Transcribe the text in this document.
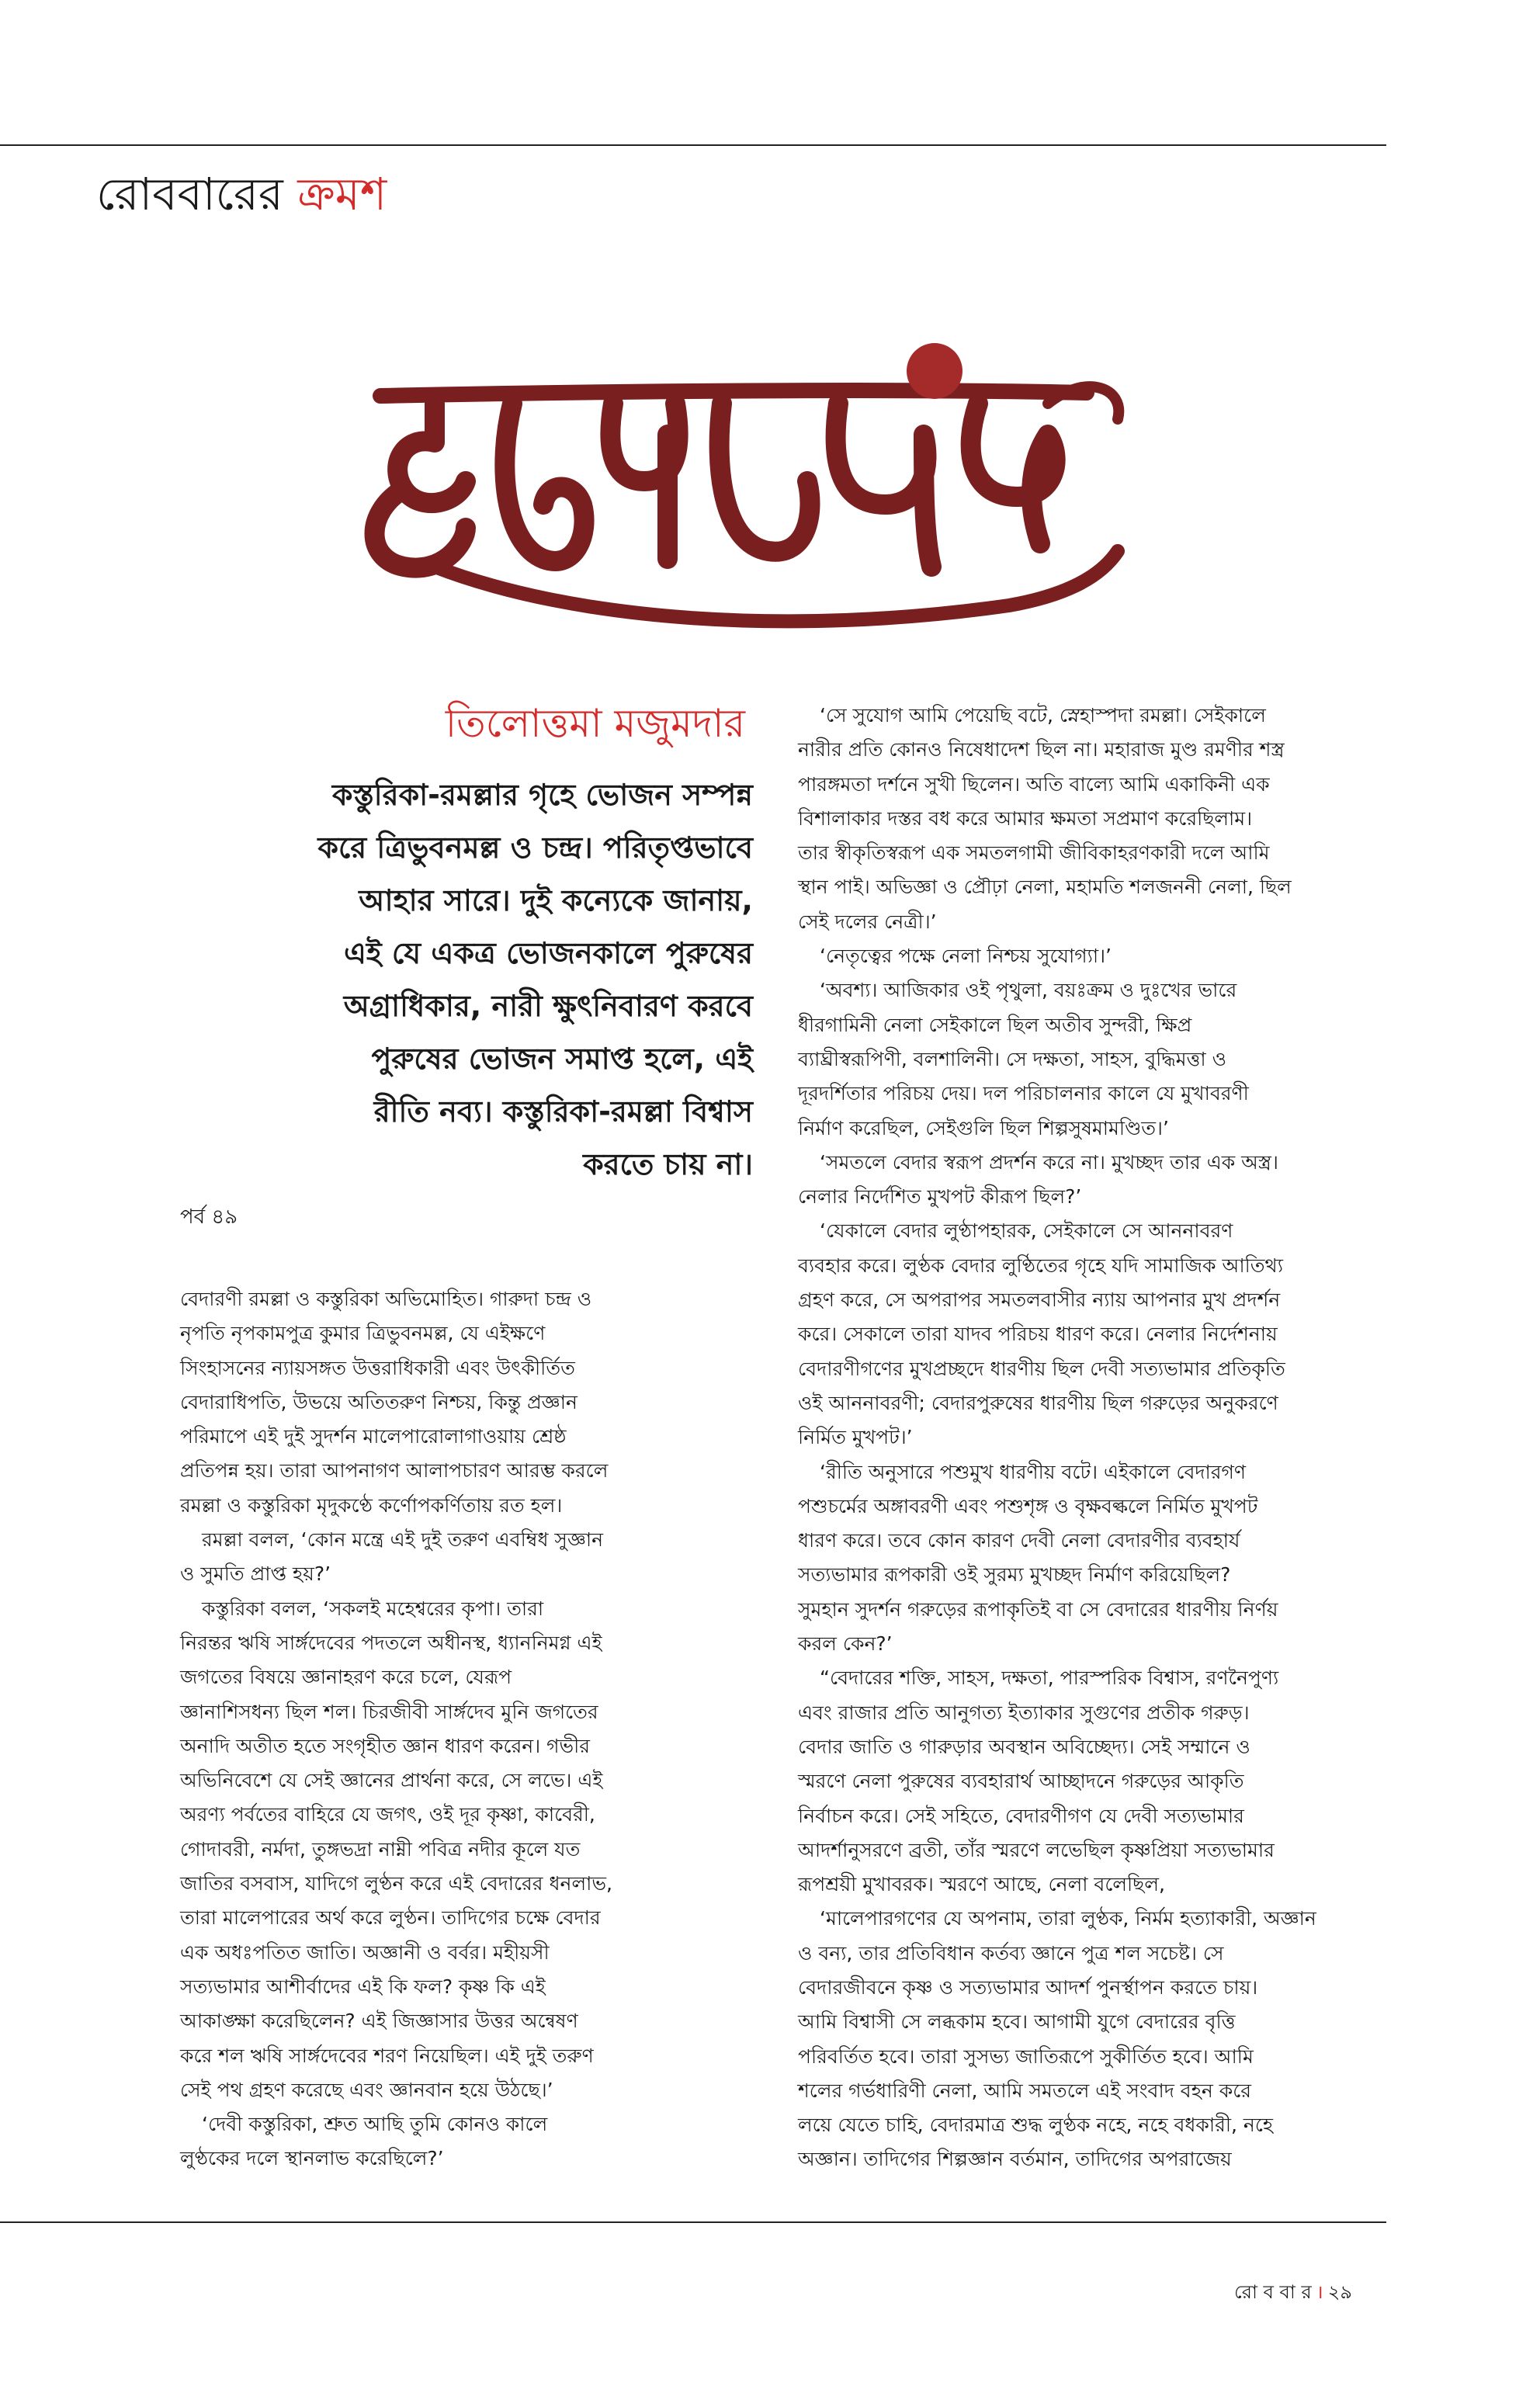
রোববারের ক্রমশ
তিলোত্তমা মজুমদার
কস্তুরিকা-রমল্লার গৃহে ভোজন সম্পন্ন
করে ত্রিভুবনমল্ল ও চন্দ্র। পরিতৃপ্তভাবে
আহার সারে। দুই কন্যেকে জানায়,
এই যে একত্র ভোজনকালে পুরুষের
অগ্রাধিকার, নারী ক্ষুৎনিবারণ করবে
পুরুষের ভোজন সমাপ্ত হলে, এই
রীতি নব্য। কস্তুরিকা-রমল্লা বিশ্বাস
করতে চায় না।
পর্ব ৪৯
বেদারণী রমল্লা ও কস্তুরিকা অভিমোহিত। গারুদা চন্দ্র ও
নৃপতি নৃপকামপুত্র কুমার ত্রিভুবনমল্ল, যে এইক্ষণে
সিংহাসনের ন্যায়সঙ্গত উত্তরাধিকারী এবং উৎকীর্তিত
বেদারাধিপতি, উভয়ে অতিতরুণ নিশ্চয়, কিন্তু প্রজ্ঞান
পরিমাপে এই দুই সুদর্শন মালেপারোলাগাওয়ায় শ্রেষ্ঠ
প্রতিপন্ন হয়। তারা আপনাগণ আলাপচারণ আরম্ভ করলে
রমল্লা ও কস্তুরিকা মৃদুকণ্ঠে কর্ণোপকর্ণিতায় রত হল।
রমল্লা বলল, ‘কোন মন্ত্রে এই দুই তরুণ এবম্বিধ সুজ্ঞান
ও সুমতি প্রাপ্ত হয়?’
কস্তুরিকা বলল, ‘সকলই মহেশ্বরের কৃপা। তারা
নিরন্তর ঋষি সার্ঙ্গদেবের পদতলে অধীনস্থ, ধ্যাননিমগ্ন এই
জগতের বিষয়ে জ্ঞানাহরণ করে চলে, যেরূপ
জ্ঞানাশিসধন্য ছিল শল। চিরজীবী সার্ঙ্গদেব মুনি জগতের
অনাদি অতীত হতে সংগৃহীত জ্ঞান ধারণ করেন। গভীর
অভিনিবেশে যে সেই জ্ঞানের প্রার্থনা করে, সে লভে। এই
অরণ্য পর্বতের বাহিরে যে জগৎ, ওই দূর কৃষ্ণা, কাবেরী,
গোদাবরী, নর্মদা, তুঙ্গভদ্রা নাম্নী পবিত্র নদীর কূলে যত
জাতির বসবাস, যাদিগে লুণ্ঠন করে এই বেদারের ধনলাভ,
তারা মালেপারের অর্থ করে লুণ্ঠন। তাদিগের চক্ষে বেদার
এক অধঃপতিত জাতি। অজ্ঞানী ও বর্বর। মহীয়সী
সত্যভামার আশীর্বাদের এই কি ফল? কৃষ্ণ কি এই
আকাঙ্ক্ষা করেছিলেন? এই জিজ্ঞাসার উত্তর অন্বেষণ
করে শল ঋষি সার্ঙ্গদেবের শরণ নিয়েছিল। এই দুই তরুণ
সেই পথ গ্রহণ করেছে এবং জ্ঞানবান হয়ে উঠছে।’
‘দেবী কস্তুরিকা, শ্রুত আছি তুমি কোনও কালে
লুণ্ঠকের দলে স্থানলাভ করেছিলে?’
‘সে সুযোগ আমি পেয়েছি বটে, স্নেহাস্পদা রমল্লা। সেইকালে
নারীর প্রতি কোনও নিষেধাদেশ ছিল না। মহারাজ মুণ্ড রমণীর শস্ত্র
পারঙ্গমতা দর্শনে সুখী ছিলেন। অতি বাল্যে আমি একাকিনী এক
বিশালাকার দস্তর বধ করে আমার ক্ষমতা সপ্রমাণ করেছিলাম।
তার স্বীকৃতিস্বরূপ এক সমতলগামী জীবিকাহরণকারী দলে আমি
স্থান পাই। অভিজ্ঞা ও প্রৌঢ়া নেলা, মহামতি শলজননী নেলা, ছিল
সেই দলের নেত্রী।’
‘নেতৃত্বের পক্ষে নেলা নিশ্চয় সুযোগ্যা।’
‘অবশ্য। আজিকার ওই পৃথুলা, বয়ঃক্রম ও দুঃখের ভারে
ধীরগামিনী নেলা সেইকালে ছিল অতীব সুন্দরী, ক্ষিপ্র
ব্যাঘ্রীস্বরূপিণী, বলশালিনী। সে দক্ষতা, সাহস, বুদ্ধিমত্তা ও
দূরদর্শিতার পরিচয় দেয়। দল পরিচালনার কালে যে মুখাবরণী
নির্মাণ করেছিল, সেইগুলি ছিল শিল্পসুষমামণ্ডিত।’
‘সমতলে বেদার স্বরূপ প্রদর্শন করে না। মুখচ্ছদ তার এক অস্ত্র।
নেলার নির্দেশিত মুখপট কীরূপ ছিল?’
‘যেকালে বেদার লুণ্ঠাপহারক, সেইকালে সে আননাবরণ
ব্যবহার করে। লুণ্ঠক বেদার লুণ্ঠিতের গৃহে যদি সামাজিক আতিথ্য
গ্রহণ করে, সে অপরাপর সমতলবাসীর ন্যায় আপনার মুখ প্রদর্শন
করে। সেকালে তারা যাদব পরিচয় ধারণ করে। নেলার নির্দেশনায়
বেদারণীগণের মুখপ্রচ্ছদে ধারণীয় ছিল দেবী সত্যভামার প্রতিকৃতি
ওই আননাবরণী; বেদারপুরুষের ধারণীয় ছিল গরুড়ের অনুকরণে
নির্মিত মুখপট।’
‘রীতি অনুসারে পশুমুখ ধারণীয় বটে। এইকালে বেদারগণ
পশুচর্মের অঙ্গাবরণী এবং পশুশৃঙ্গ ও বৃক্ষবল্কলে নির্মিত মুখপট
ধারণ করে। তবে কোন কারণ দেবী নেলা বেদারণীর ব্যবহার্য
সত্যভামার রূপকারী ওই সুরম্য মুখচ্ছদ নির্মাণ করিয়েছিল?
সুমহান সুদর্শন গরুড়ের রূপাকৃতিই বা সে বেদারের ধারণীয় নির্ণয়
করল কেন?’
“বেদারের শক্তি, সাহস, দক্ষতা, পারস্পরিক বিশ্বাস, রণনৈপুণ্য
এবং রাজার প্রতি আনুগত্য ইত্যাকার সুগুণের প্রতীক গরুড়।
বেদার জাতি ও গারুড়ার অবস্থান অবিচ্ছেদ্য। সেই সম্মানে ও
স্মরণে নেলা পুরুষের ব্যবহারার্থ আচ্ছাদনে গরুড়ের আকৃতি
নির্বাচন করে। সেই সহিতে, বেদারণীগণ যে দেবী সত্যভামার
আদর্শানুসরণে ব্রতী, তাঁর স্মরণে লভেছিল কৃষ্ণপ্রিয়া সত্যভামার
রূপশ্রয়ী মুখাবরক। স্মরণে আছে, নেলা বলেছিল,
‘মালেপারগণের যে অপনাম, তারা লুণ্ঠক, নির্মম হত্যাকারী, অজ্ঞান
ও বন্য, তার প্রতিবিধান কর্তব্য জ্ঞানে পুত্র শল সচেষ্ট। সে
বেদারজীবনে কৃষ্ণ ও সত্যভামার আদর্শ পুনর্স্থাপন করতে চায়।
আমি বিশ্বাসী সে লব্ধকাম হবে। আগামী যুগে বেদারের বৃত্তি
পরিবর্তিত হবে। তারা সুসভ্য জাতিরূপে সুকীর্তিত হবে। আমি
শলের গর্ভধারিণী নেলা, আমি সমতলে এই সংবাদ বহন করে
লয়ে যেতে চাহি, বেদারমাত্র শুদ্ধ লুণ্ঠক নহে, নহে বধকারী, নহে
অজ্ঞান। তাদিগের শিল্পজ্ঞান বর্তমান, তাদিগের অপরাজেয়
রো ব বা র । ২৯
